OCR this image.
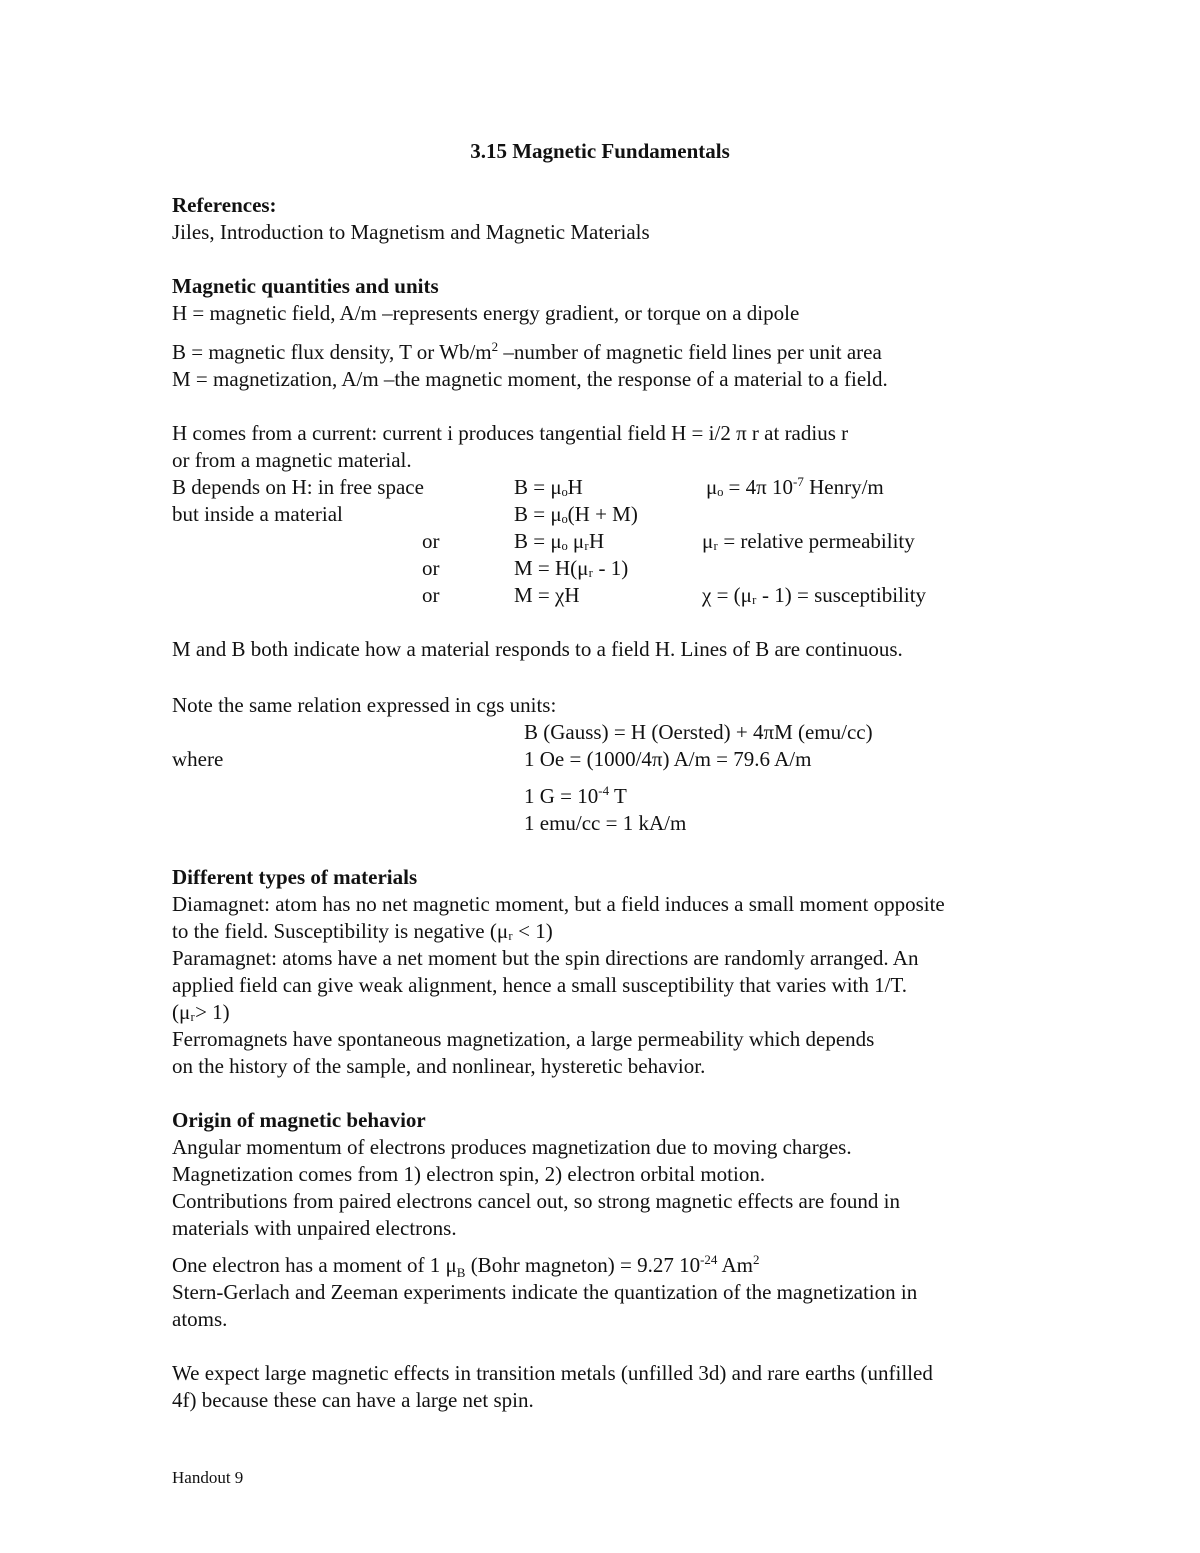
3.15 Magnetic Fundamentals
References:
Jiles, Introduction to Magnetism and Magnetic Materials
Magnetic quantities and units
H = magnetic field, A/m –represents energy gradient, or torque on a dipole
B = magnetic flux density, T or $Wb/m^2$ –number of magnetic field lines per unit area
M = magnetization, A/m –the magnetic moment, the response of a material to a field.
H comes from a current: current i produces tangential field H = i/2 π r at radius r
or from a magnetic material.
B depends on H: in free space	B = μₒH	μₒ = 4π $10^{-7}$ Henry/m
but inside a material	B = μₒ(H + M)
or	B = μₒ μᵣH	μᵣ = relative permeability
or	M = H(μᵣ - 1)
or	M = χH	χ = (μᵣ - 1) = susceptibility
M and B both indicate how a material responds to a field H. Lines of B are continuous.
Note the same relation expressed in cgs units:
B (Gauss) = H (Oersted) + 4πM (emu/cc)
where	1 Oe = (1000/4π) A/m = 79.6 A/m
1 $G = 10^{-4}$ T
1 emu/cc = 1 kA/m
Different types of materials
Diamagnet: atom has no net magnetic moment, but a field induces a small moment opposite
to the field. Susceptibility is negative (μᵣ < 1)
Paramagnet: atoms have a net moment but the spin directions are randomly arranged. An
applied field can give weak alignment, hence a small susceptibility that varies with 1/T.
(μᵣ> 1)
Ferromagnets have spontaneous magnetization, a large permeability which depends
on the history of the sample, and nonlinear, hysteretic behavior.
Origin of magnetic behavior
Angular momentum of electrons produces magnetization due to moving charges.
Magnetization comes from 1) electron spin, 2) electron orbital motion.
Contributions from paired electrons cancel out, so strong magnetic effects are found in
materials with unpaired electrons.
One electron has a moment of 1 $\mu_B$ (Bohr magneton) = 9.27 $10^{-24}$ Am$^2$
Stern-Gerlach and Zeeman experiments indicate the quantization of the magnetization in
atoms.
We expect large magnetic effects in transition metals (unfilled 3d) and rare earths (unfilled
4f) because these can have a large net spin.
Handout 9
